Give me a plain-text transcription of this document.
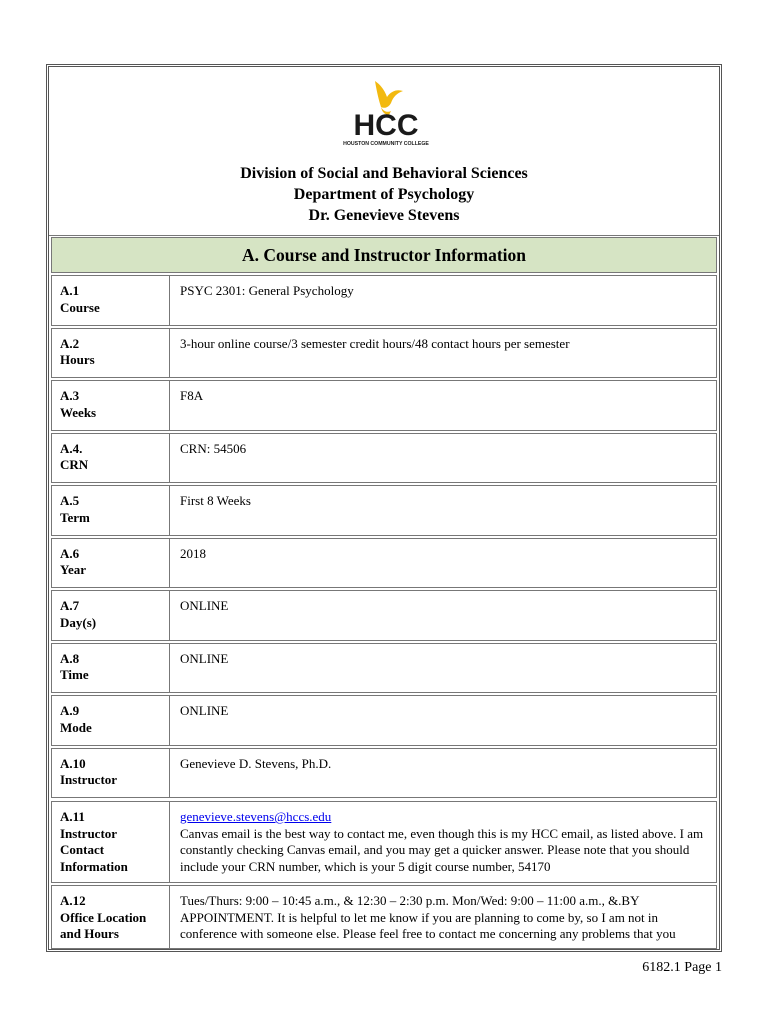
HCC
HOUSTON COMMUNITY COLLEGE
Division of Social and Behavioral Sciences
Department of Psychology
Dr. Genevieve Stevens
A. Course and Instructor Information
A.1
Course
PSYC 2301: General Psychology
A.2
Hours
3-hour online course/3 semester credit hours/48 contact hours per semester
A.3
Weeks
F8A
A.4.
CRN
CRN: 54506
A.5
Term
First 8 Weeks
A.6
Year
2018
A.7
Day(s)
ONLINE
A.8
Time
ONLINE
A.9
Mode
ONLINE
A.10
Instructor
Genevieve D. Stevens, Ph.D.
A.11
Instructor
Contact
Information
genevieve.stevens@hccs.edu
Canvas email is the best way to contact me, even though this is my HCC email, as listed above. I am constantly checking Canvas email, and you may get a quicker answer. Please note that you should include your CRN number, which is your 5 digit course number, 54170
A.12
Office Location
and Hours
Tues/Thurs: 9:00 – 10:45 a.m., & 12:30 – 2:30 p.m. Mon/Wed: 9:00 – 11:00 a.m., &.BY APPOINTMENT. It is helpful to let me know if you are planning to come by, so I am not in conference with someone else. Please feel free to contact me concerning any problems that you
6182.1 Page 1
